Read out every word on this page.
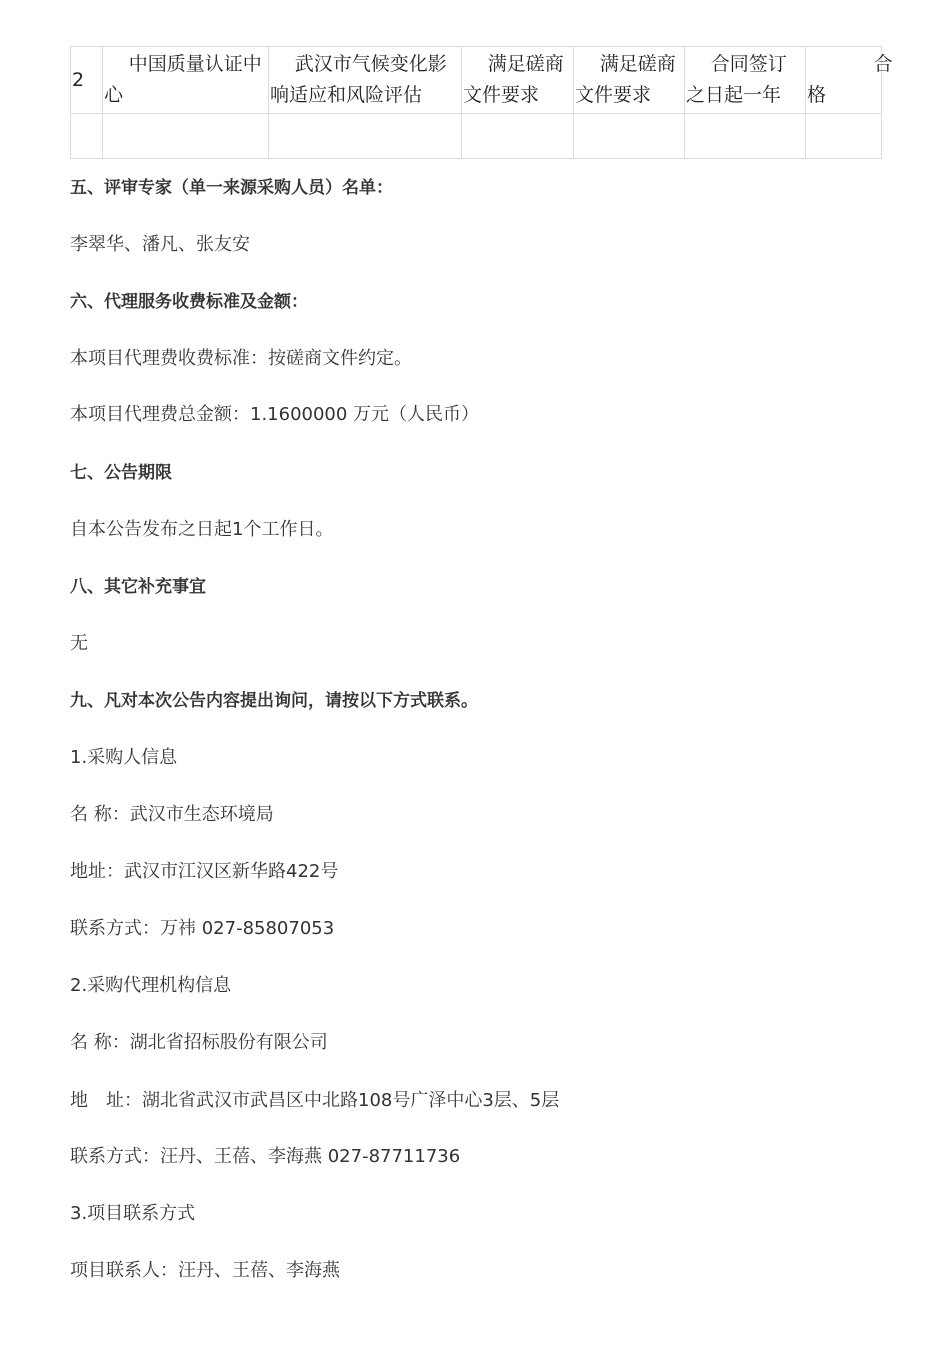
2	中国质量认证中心	武汉市气候变化影响适应和风险评估	满足磋商文件要求	满足磋商文件要求	合同签订之日起一年	合格

五、评审专家（单一来源采购人员）名单：
李翠华、潘凡、张友安
六、代理服务收费标准及金额：
本项目代理费收费标准：按磋商文件约定。
本项目代理费总金额：1.1600000 万元（人民币）
七、公告期限
自本公告发布之日起1个工作日。
八、其它补充事宜
无
九、凡对本次公告内容提出询问，请按以下方式联系。
1.采购人信息
名 称：武汉市生态环境局
地址：武汉市江汉区新华路422号
联系方式：万祎 027-85807053
2.采购代理机构信息
名 称：湖北省招标股份有限公司
地　址：湖北省武汉市武昌区中北路108号广泽中心3层、5层
联系方式：汪丹、王蓓、李海燕 027-87711736
3.项目联系方式
项目联系人：汪丹、王蓓、李海燕
